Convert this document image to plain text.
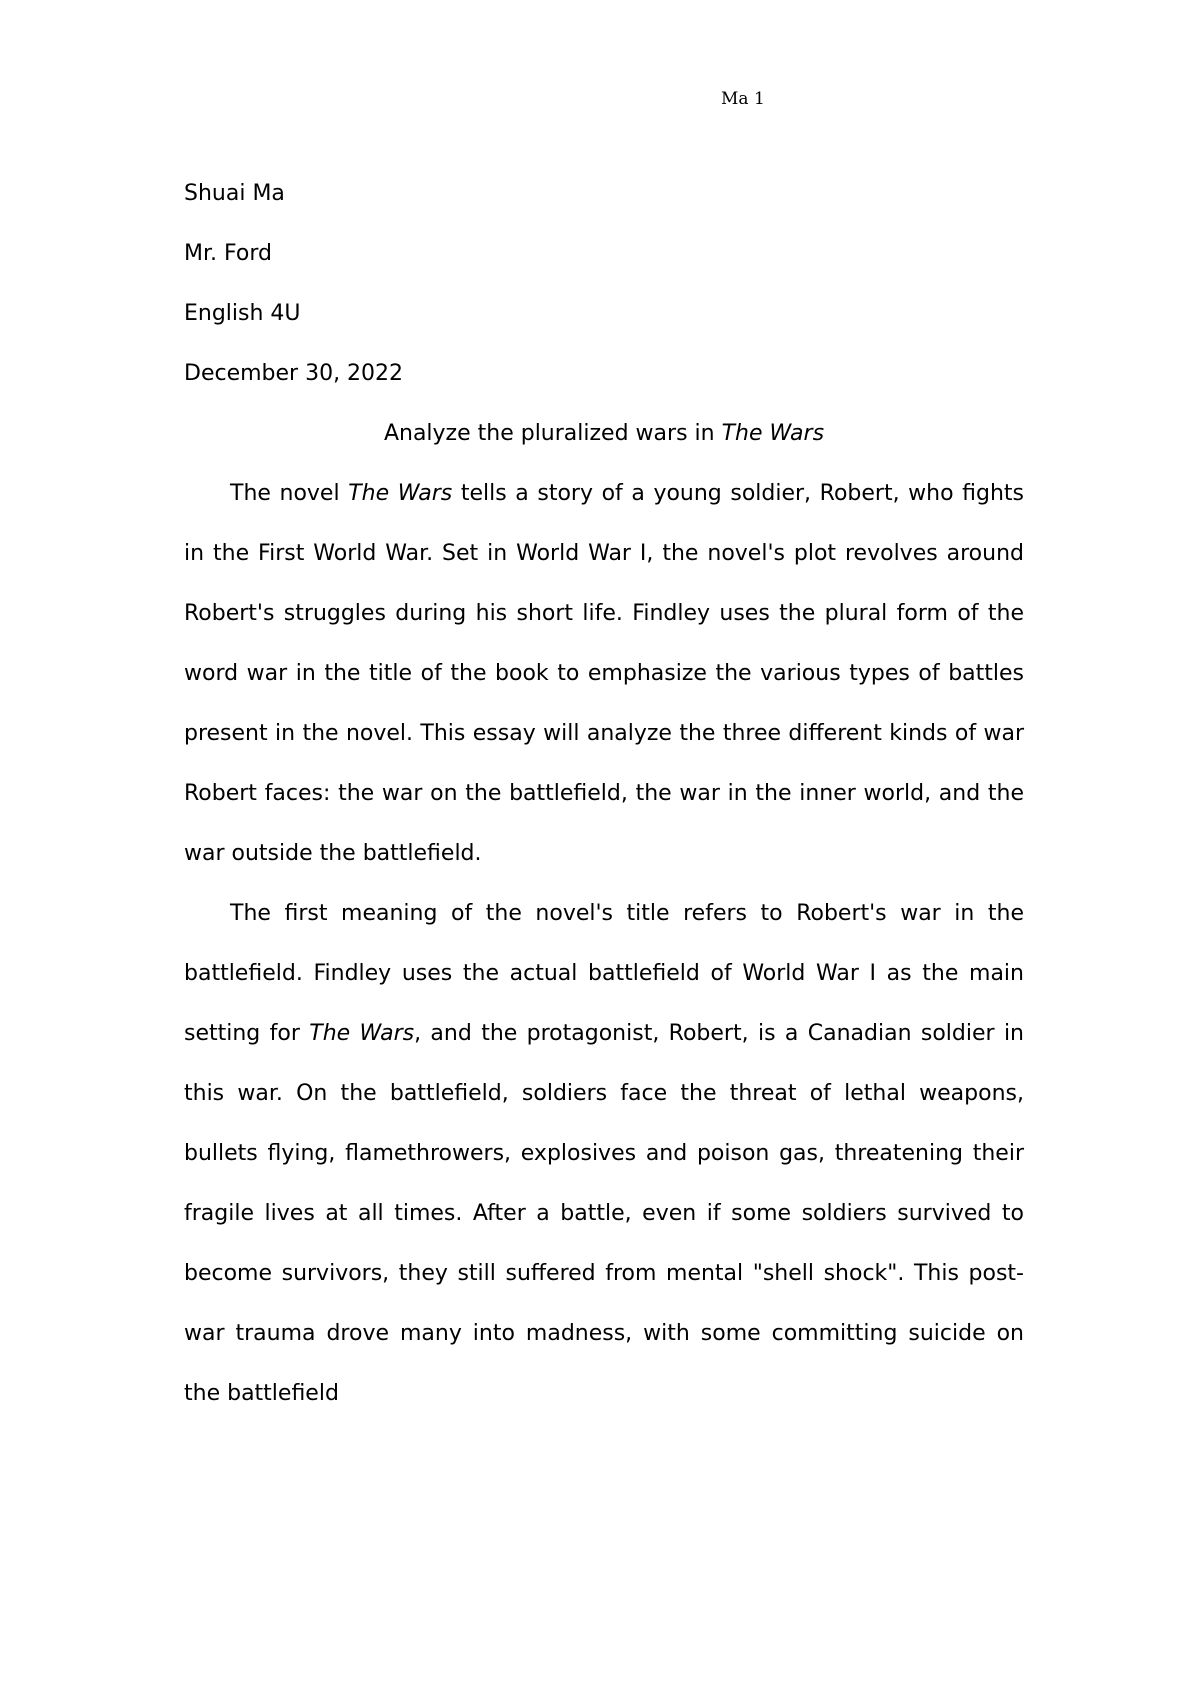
Ma 1

Shuai Ma

Mr. Ford

English 4U

December 30, 2022

Analyze the pluralized wars in The Wars

The novel The Wars tells a story of a young soldier, Robert, who fights in the First World War. Set in World War I, the novel's plot revolves around Robert's struggles during his short life. Findley uses the plural form of the word war in the title of the book to emphasize the various types of battles present in the novel. This essay will analyze the three different kinds of war Robert faces: the war on the battlefield, the war in the inner world, and the war outside the battlefield.

The first meaning of the novel's title refers to Robert's war in the battlefield. Findley uses the actual battlefield of World War I as the main setting for The Wars, and the protagonist, Robert, is a Canadian soldier in this war. On the battlefield, soldiers face the threat of lethal weapons, bullets flying, flamethrowers, explosives and poison gas, threatening their fragile lives at all times. After a battle, even if some soldiers survived to become survivors, they still suffered from mental "shell shock". This post-war trauma drove many into madness, with some committing suicide on the battlefield
